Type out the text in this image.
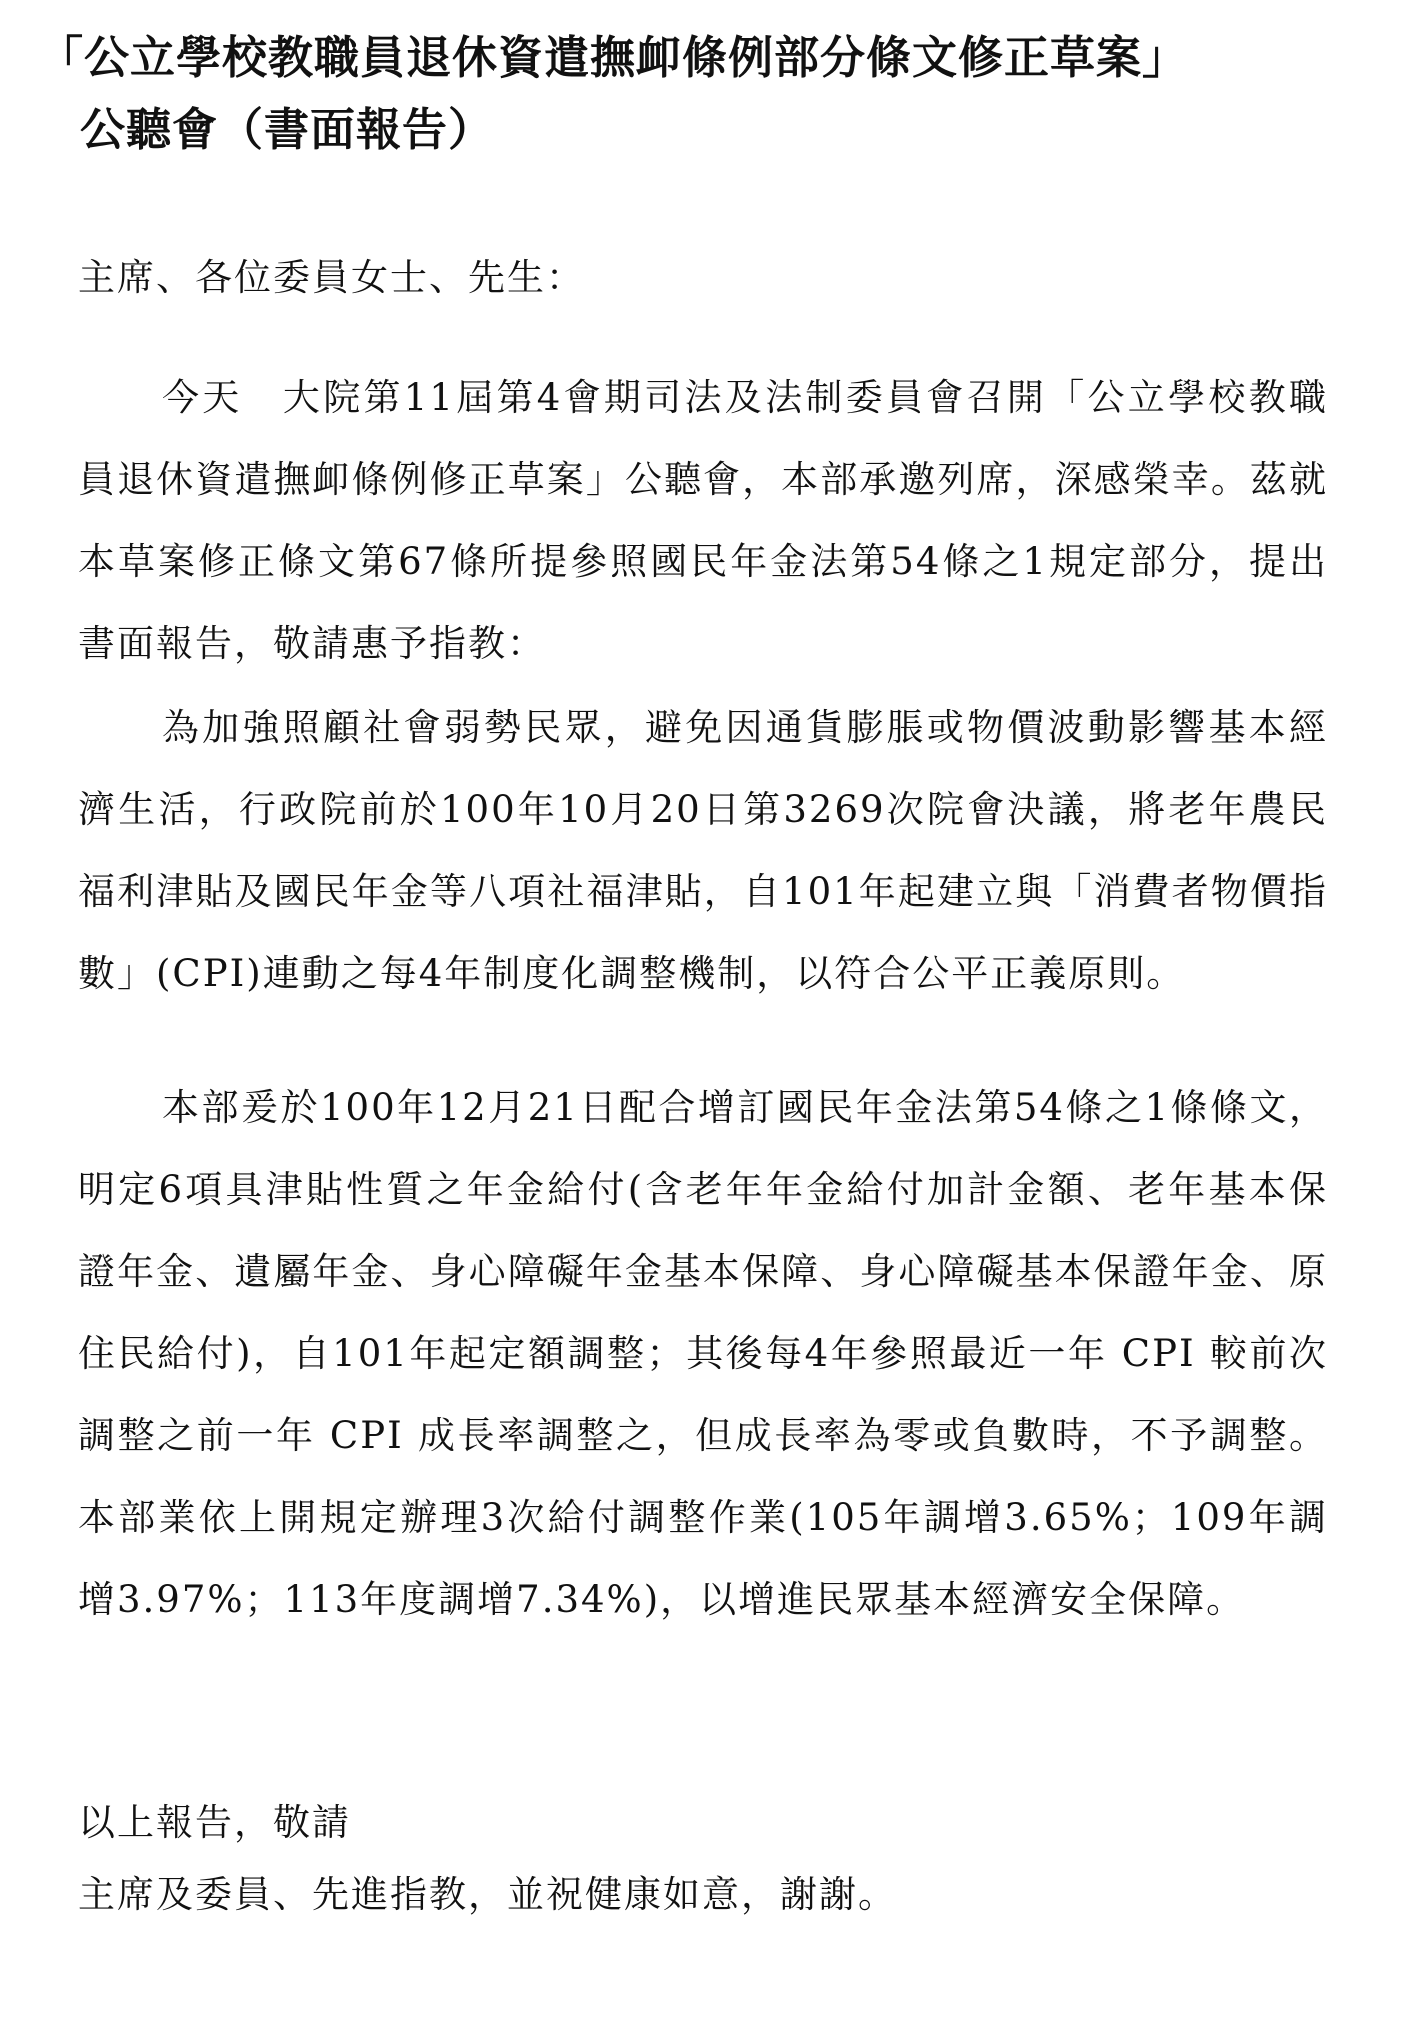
「公立學校教職員退休資遣撫卹條例部分條文修正草案」
公聽會（書面報告）
主席、各位委員女士、先生：

今天　大院第11屆第4會期司法及法制委員會召開「公立學校教職員退休資遣撫卹條例修正草案」公聽會，本部承邀列席，深感榮幸。茲就本草案修正條文第67條所提參照國民年金法第54條之1規定部分，提出書面報告，敬請惠予指教：

為加強照顧社會弱勢民眾，避免因通貨膨脹或物價波動影響基本經濟生活，行政院前於100年10月20日第3269次院會決議，將老年農民福利津貼及國民年金等八項社福津貼，自101年起建立與「消費者物價指數」(CPI)連動之每4年制度化調整機制，以符合公平正義原則。

本部爰於100年12月21日配合增訂國民年金法第54條之1條條文，明定6項具津貼性質之年金給付(含老年年金給付加計金額、老年基本保證年金、遺屬年金、身心障礙年金基本保障、身心障礙基本保證年金、原住民給付)，自101年起定額調整；其後每4年參照最近一年 CPI 較前次調整之前一年 CPI 成長率調整之，但成長率為零或負數時，不予調整。本部業依上開規定辦理3次給付調整作業(105年調增3.65%；109年調增3.97%；113年度調增7.34%)，以增進民眾基本經濟安全保障。

以上報告，敬請
主席及委員、先進指教，並祝健康如意，謝謝。
